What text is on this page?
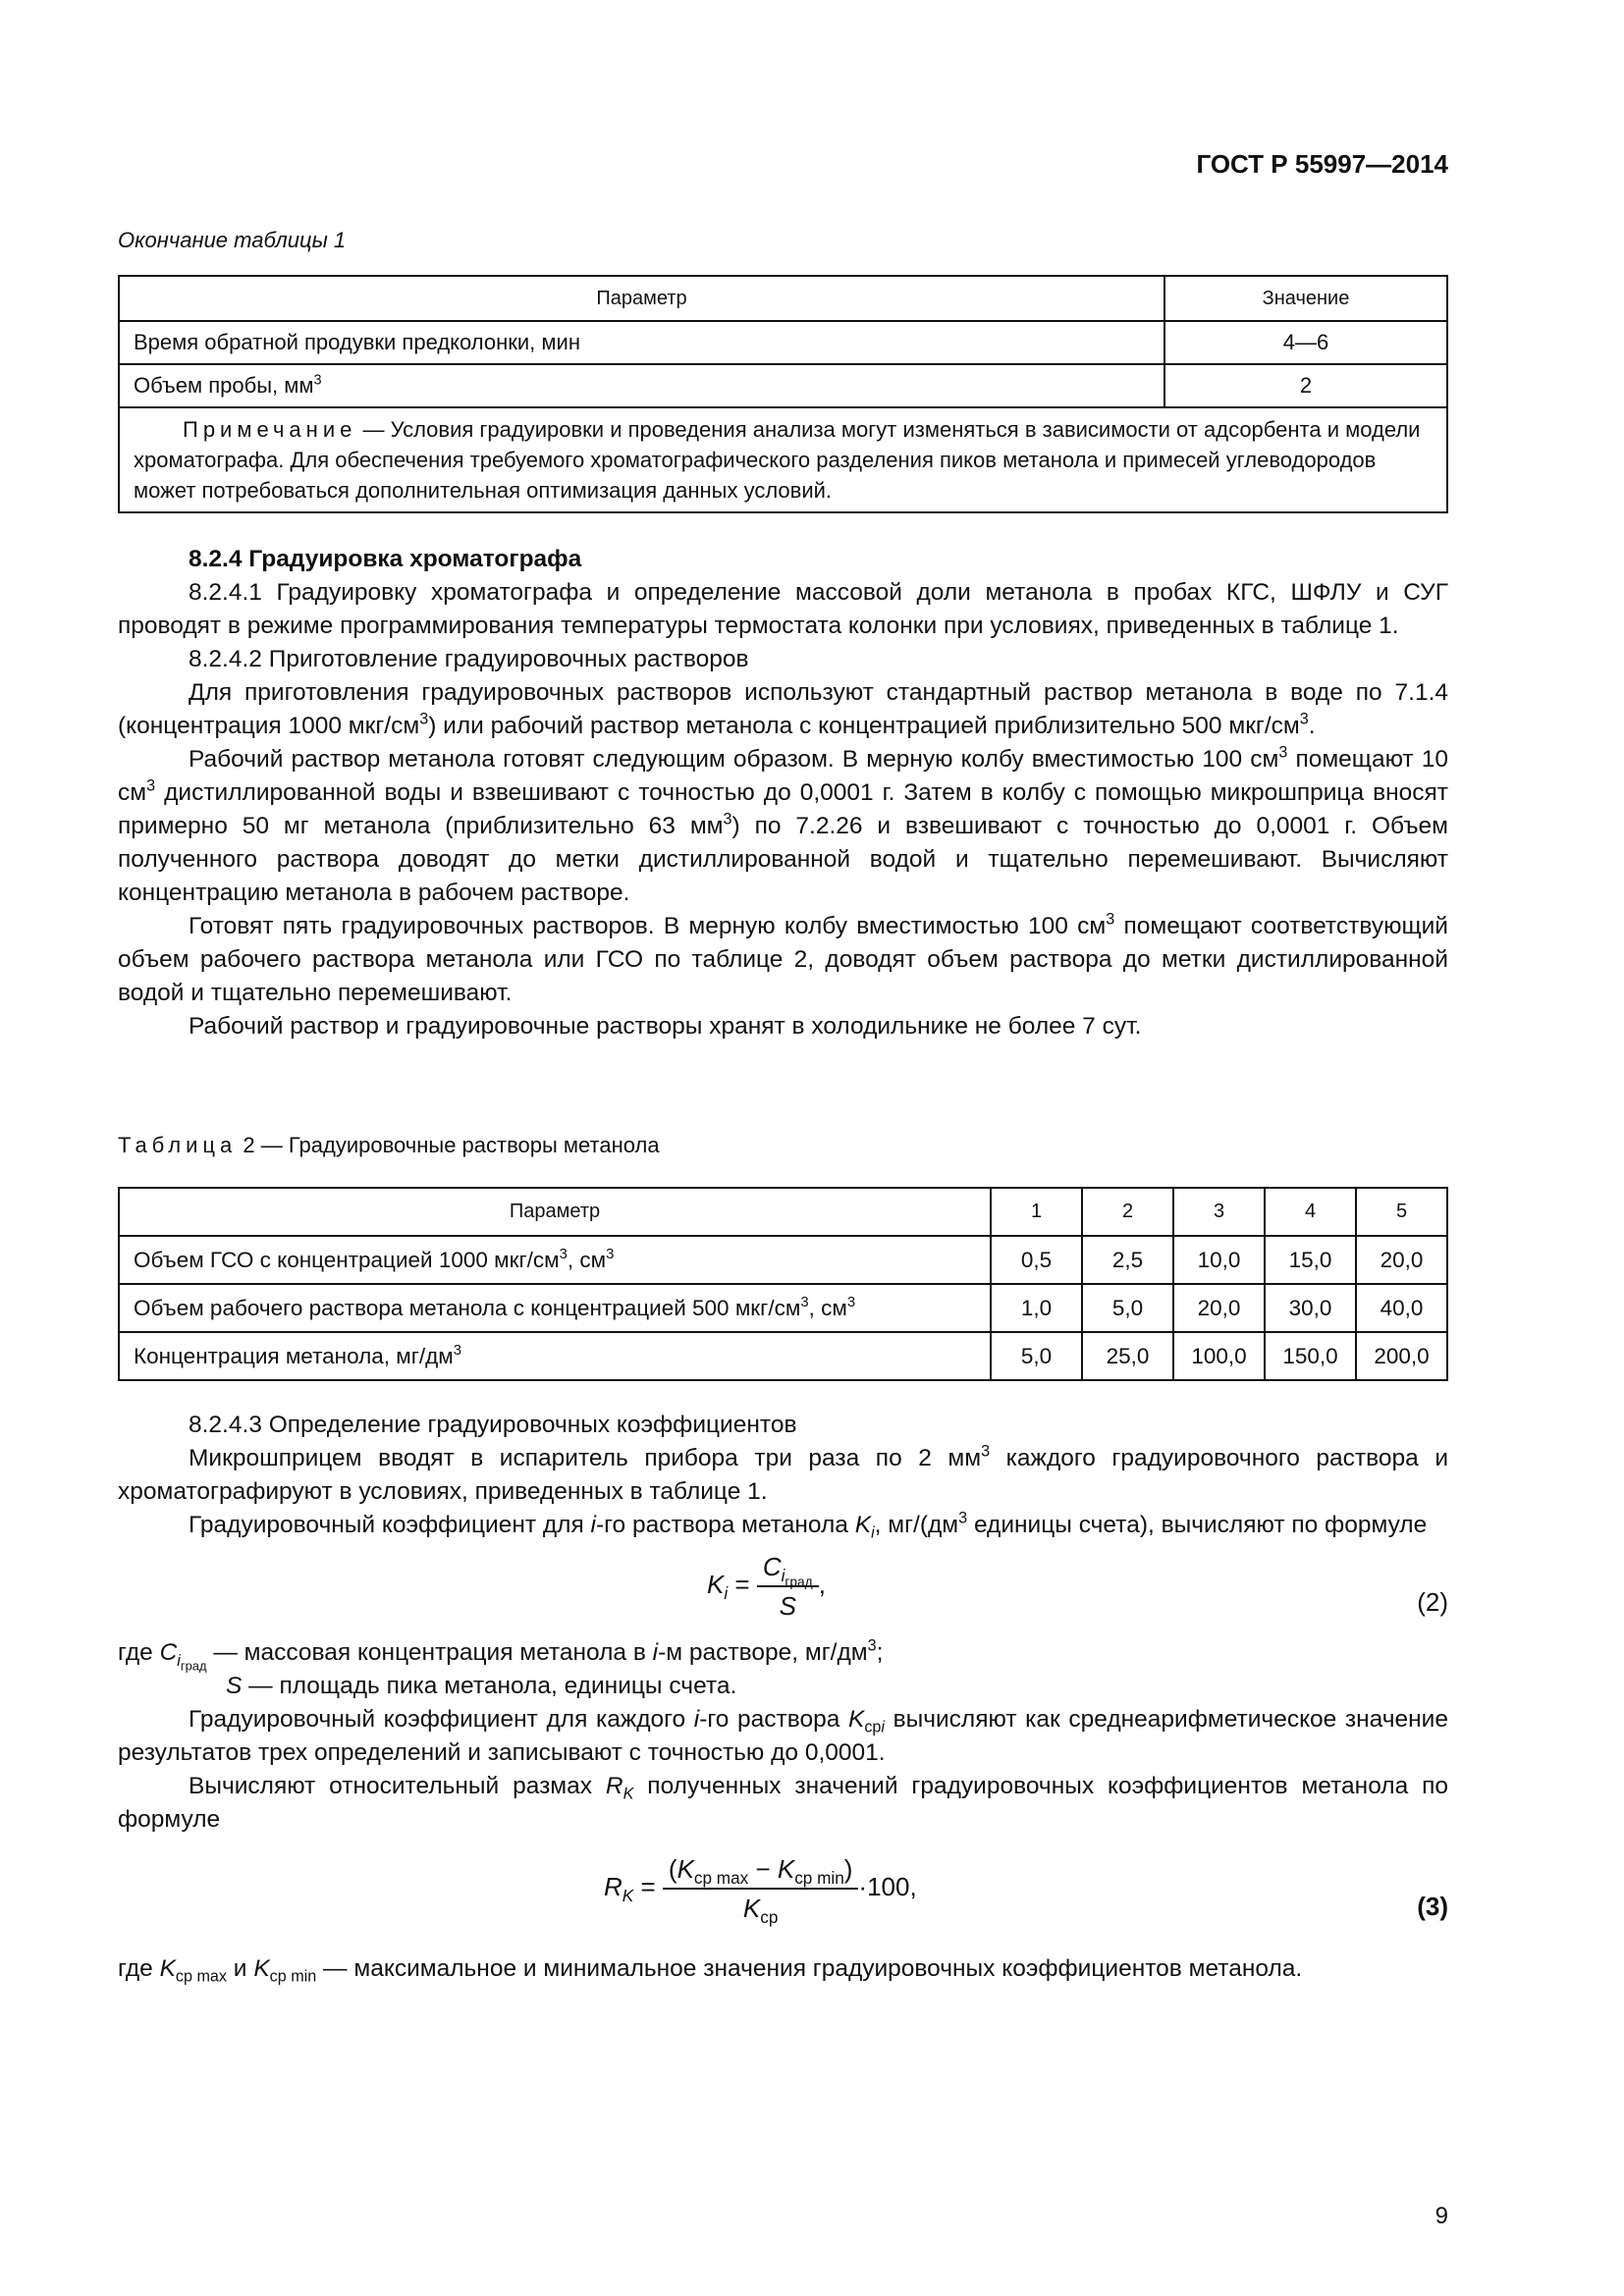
ГОСТ Р 55997—2014
Окончание таблицы 1
Параметр	Значение
Время обратной продувки предколонки, мин	4—6
Объем пробы, $мм^3$	2
Примечание — Условия градуировки и проведения анализа могут изменяться в зависимости от адсорбента и модели хроматографа. Для обеспечения требуемого хроматографического разделения пиков метанола и примесей углеводородов может потребоваться дополнительная оптимизация данных условий.	
8.2.4 Градуировка хроматографа

8.2.4.1 Градуировку хроматографа и определение массовой доли метанола в пробах КГС, ШФЛУ и СУГ проводят в режиме программирования температуры термостата колонки при условиях, приведенных в таблице 1.

8.2.4.2 Приготовление градуировочных растворов

Для приготовления градуировочных растворов используют стандартный раствор метанола в воде по 7.1.4 (концентрация 1000 мкг/$см^3$) или рабочий раствор метанола с концентрацией приблизительно 500 мкг/$см^3$.

Рабочий раствор метанола готовят следующим образом. В мерную колбу вместимостью 100 $см^3$ помещают 10 $см^3$ дистиллированной воды и взвешивают с точностью до 0,0001 г. Затем в колбу с помощью микрошприца вносят примерно 50 мг метанола (приблизительно 63 $мм^3$) по 7.2.26 и взвешивают с точностью до 0,0001 г. Объем полученного раствора доводят до метки дистиллированной водой и тщательно перемешивают. Вычисляют концентрацию метанола в рабочем растворе.

Готовят пять градуировочных растворов. В мерную колбу вместимостью 100 $см^3$ помещают соответствующий объем рабочего раствора метанола или ГСО по таблице 2, доводят объем раствора до метки дистиллированной водой и тщательно перемешивают.

Рабочий раствор и градуировочные растворы хранят в холодильнике не более 7 сут.

Таблица 2 — Градуировочные растворы метанола
Параметр	1	2	3	4	5
Объем ГСО с концентрацией 1000 мкг/$см^3$, $см^3$	0,5	2,5	10,0	15,0	20,0
Объем рабочего раствора метанола с концентрацией 500 мкг/$см^3$, $см^3$	1,0	5,0	20,0	30,0	40,0
Концентрация метанола, $мг/дм^3$	5,0	25,0	100,0	150,0	200,0

8.2.4.3 Определение градуировочных коэффициентов

Микрошприцем вводят в испаритель прибора три раза по 2 $мм^3$ каждого градуировочного раствора и хроматографируют в условиях, приведенных в таблице 1.

Градуировочный коэффициент для i-го раствора метанола $K_i$, $мг/(дм^3$ единицы счета), вычисляют по формуле

$K_i = \frac{C_{i_{град}}}{S}$ ,
(2)

где $C_{i_{град}}$ — массовая концентрация метанола в i-м растворе, $мг/дм^3$;

S — площадь пика метанола, единицы счета.

Градуировочный коэффициент для каждого i-го раствора $K_{срi}$ вычисляют как среднеарифметическое значение результатов трех определений и записывают с точностью до 0,0001.

Вычисляют относительный размах $R_K$ полученных значений градуировочных коэффициентов метанола по формуле

$R_K = \frac{(K_{ср max} - K_{ср min})}{K_{ср}} \cdot 100$,
(3)

где $K_{ср max}$ и $K_{ср min}$ — максимальное и минимальное значения градуировочных коэффициентов метанола.

9
